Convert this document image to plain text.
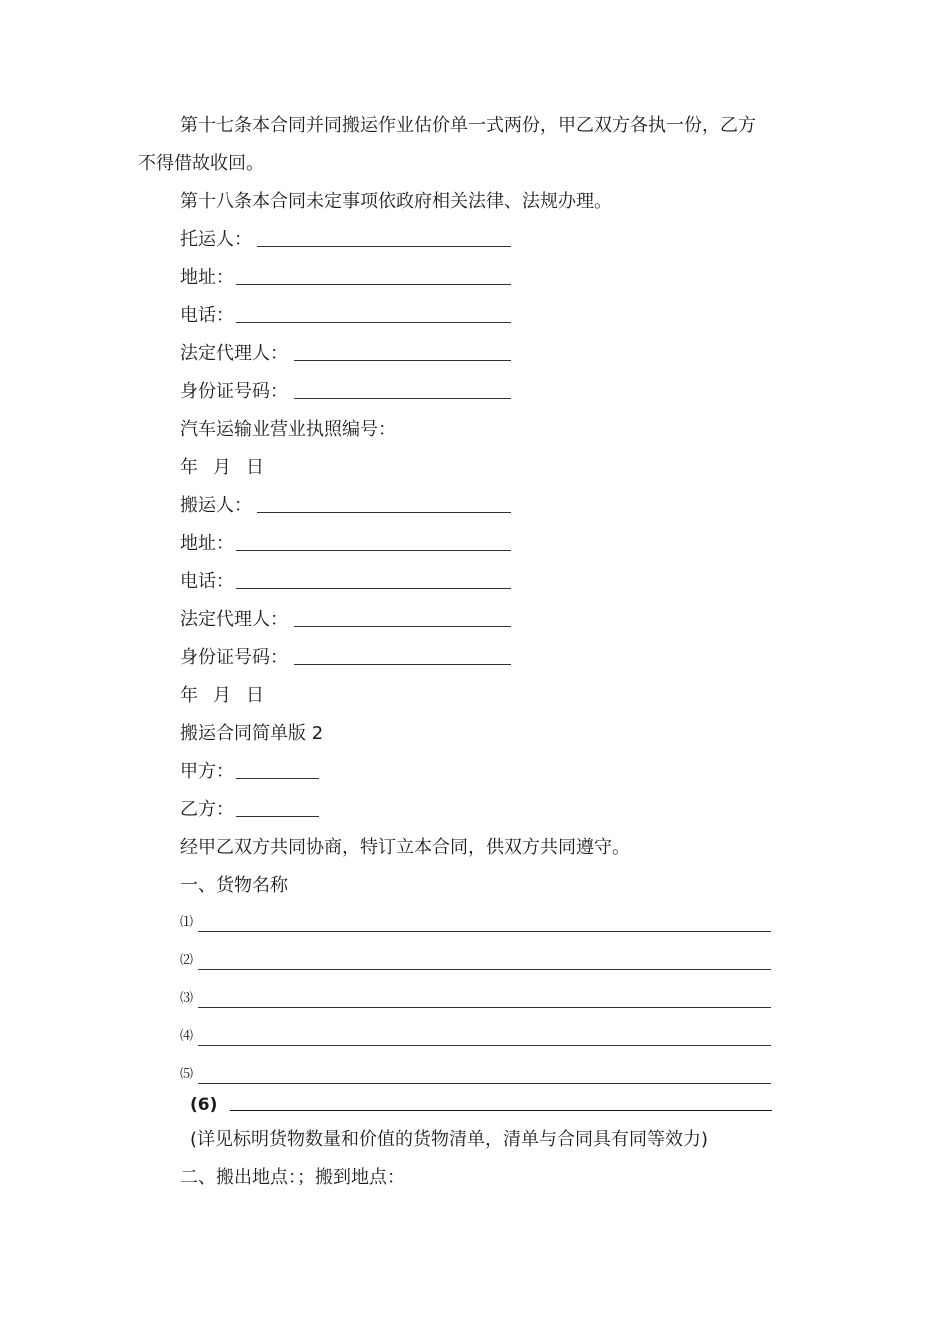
第十七条本合同并同搬运作业估价单一式两份，甲乙双方各执一份，乙方
不得借故收回。
第十八条本合同未定事项依政府相关法律、法规办理。
托运人：
地址：
电话：
法定代理人：
身份证号码：
汽车运输业营业执照编号：
年 月 日
搬运人：
地址：
电话：
法定代理人：
身份证号码：
年 月 日
搬运合同简单版 2
甲方：
乙方：
经甲乙双方共同协商，特订立本合同，供双方共同遵守。
一、货物名称
⑴
⑵
⑶
⑷
⑸
(6)
(详见标明货物数量和价值的货物清单，清单与合同具有同等效力)
二、搬出地点：；搬到地点：
